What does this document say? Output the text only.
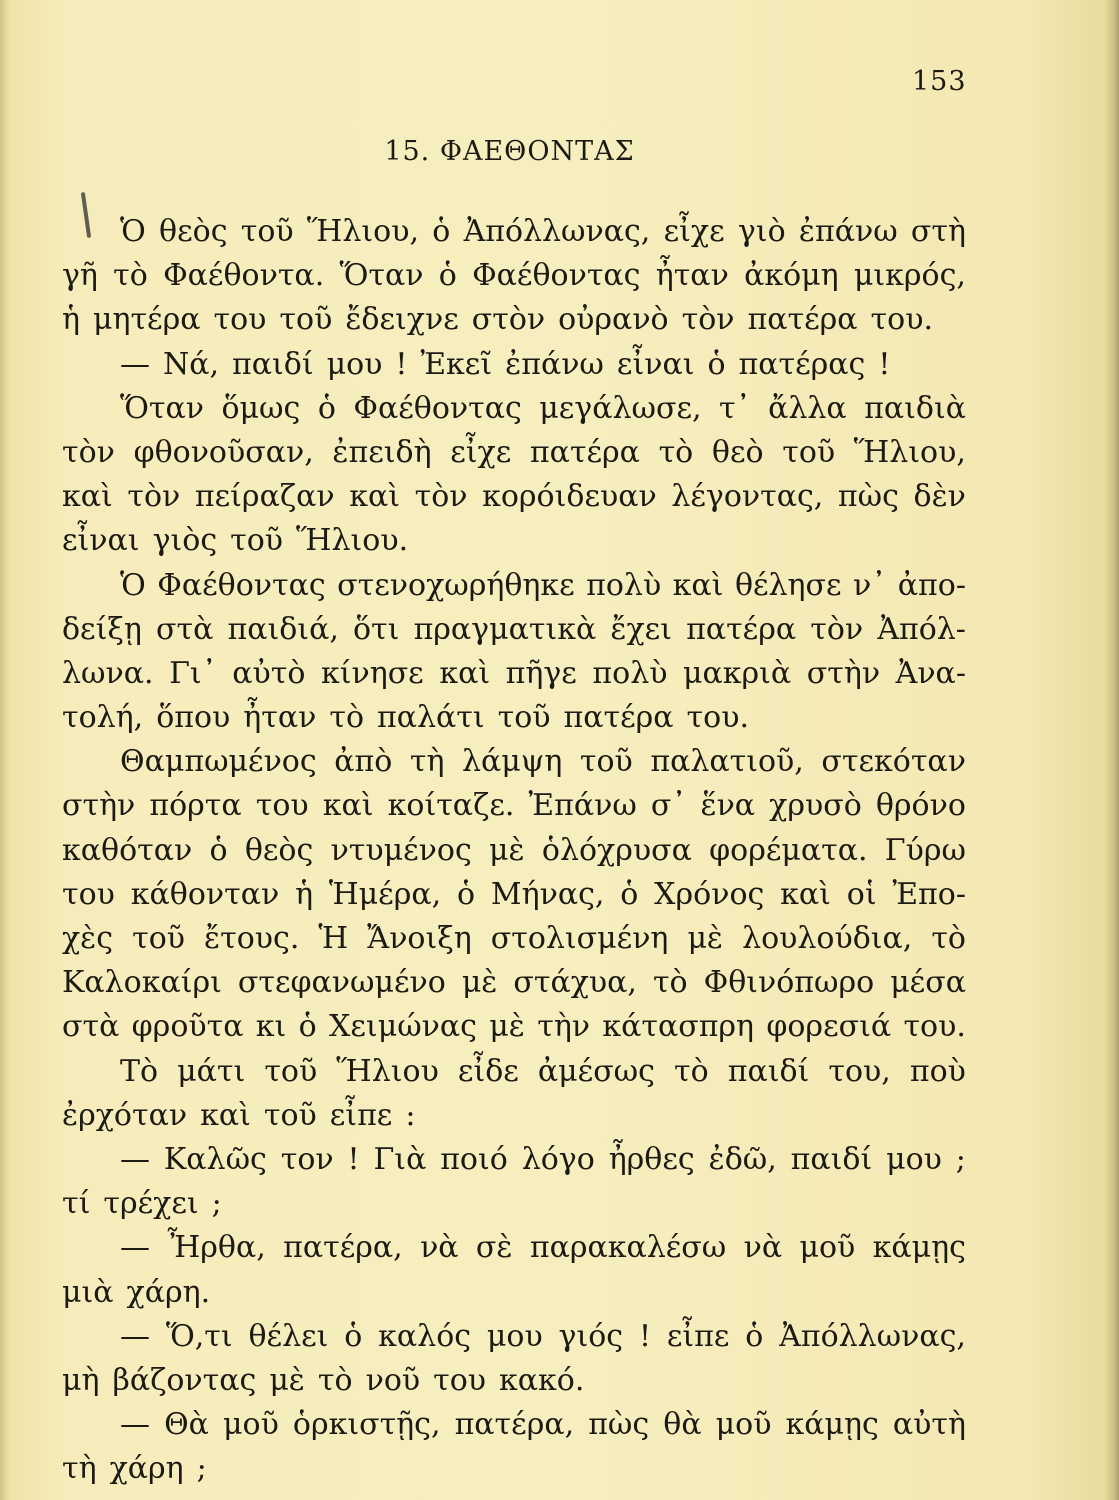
153
15. ΦΑΕΘΟΝΤΑΣ
Ὁ θεὸς τοῦ Ἥλιου, ὁ Ἀπόλλωνας, εἶχε γιὸ ἐπάνω στὴ
γῆ τὸ Φαέθοντα. Ὅταν ὁ Φαέθοντας ἦταν ἀκόμη μικρός,
ἡ μητέρα του τοῦ ἔδειχνε στὸν οὐρανὸ τὸν πατέρα του.
— Νά, παιδί μου ! Ἐκεῖ ἐπάνω εἶναι ὁ πατέρας !
Ὅταν ὅμως ὁ Φαέθοντας μεγάλωσε, τ᾿ ἄλλα παιδιὰ
τὸν φθονοῦσαν, ἐπειδὴ εἶχε πατέρα τὸ θεὸ τοῦ Ἥλιου,
καὶ τὸν πείραζαν καὶ τὸν κορόιδευαν λέγοντας, πὼς δὲν
εἶναι γιὸς τοῦ Ἥλιου.
Ὁ Φαέθοντας στενοχωρήθηκε πολὺ καὶ θέλησε ν᾿ ἀπο-
δείξῃ στὰ παιδιά, ὅτι πραγματικὰ ἔχει πατέρα τὸν Ἀπόλ-
λωνα. Γι᾿ αὐτὸ κίνησε καὶ πῆγε πολὺ μακριὰ στὴν Ἀνα-
τολή, ὅπου ἦταν τὸ παλάτι τοῦ πατέρα του.
Θαμπωμένος ἀπὸ τὴ λάμψη τοῦ παλατιοῦ, στεκόταν
στὴν πόρτα του καὶ κοίταζε. Ἐπάνω σ᾿ ἕνα χρυσὸ θρόνο
καθόταν ὁ θεὸς ντυμένος μὲ ὁλόχρυσα φορέματα. Γύρω
του κάθονταν ἡ Ἡμέρα, ὁ Μήνας, ὁ Χρόνος καὶ οἱ Ἐπο-
χὲς τοῦ ἔτους. Ἡ Ἄνοιξη στολισμένη μὲ λουλούδια, τὸ
Καλοκαίρι στεφανωμένο μὲ στάχυα, τὸ Φθινόπωρο μέσα
στὰ φροῦτα κι ὁ Χειμώνας μὲ τὴν κάτασπρη φορεσιά του.
Τὸ μάτι τοῦ Ἥλιου εἶδε ἀμέσως τὸ παιδί του, ποὺ
ἐρχόταν καὶ τοῦ εἶπε :
— Καλῶς τον ! Γιὰ ποιό λόγο ἦρθες ἐδῶ, παιδί μου ;
τί τρέχει ;
— Ἦρθα, πατέρα, νὰ σὲ παρακαλέσω νὰ μοῦ κάμῃς
μιὰ χάρη.
— Ὅ,τι θέλει ὁ καλός μου γιός ! εἶπε ὁ Ἀπόλλωνας,
μὴ βάζοντας μὲ τὸ νοῦ του κακό.
— Θὰ μοῦ ὁρκιστῇς, πατέρα, πὼς θὰ μοῦ κάμῃς αὐτὴ
τὴ χάρη ;
